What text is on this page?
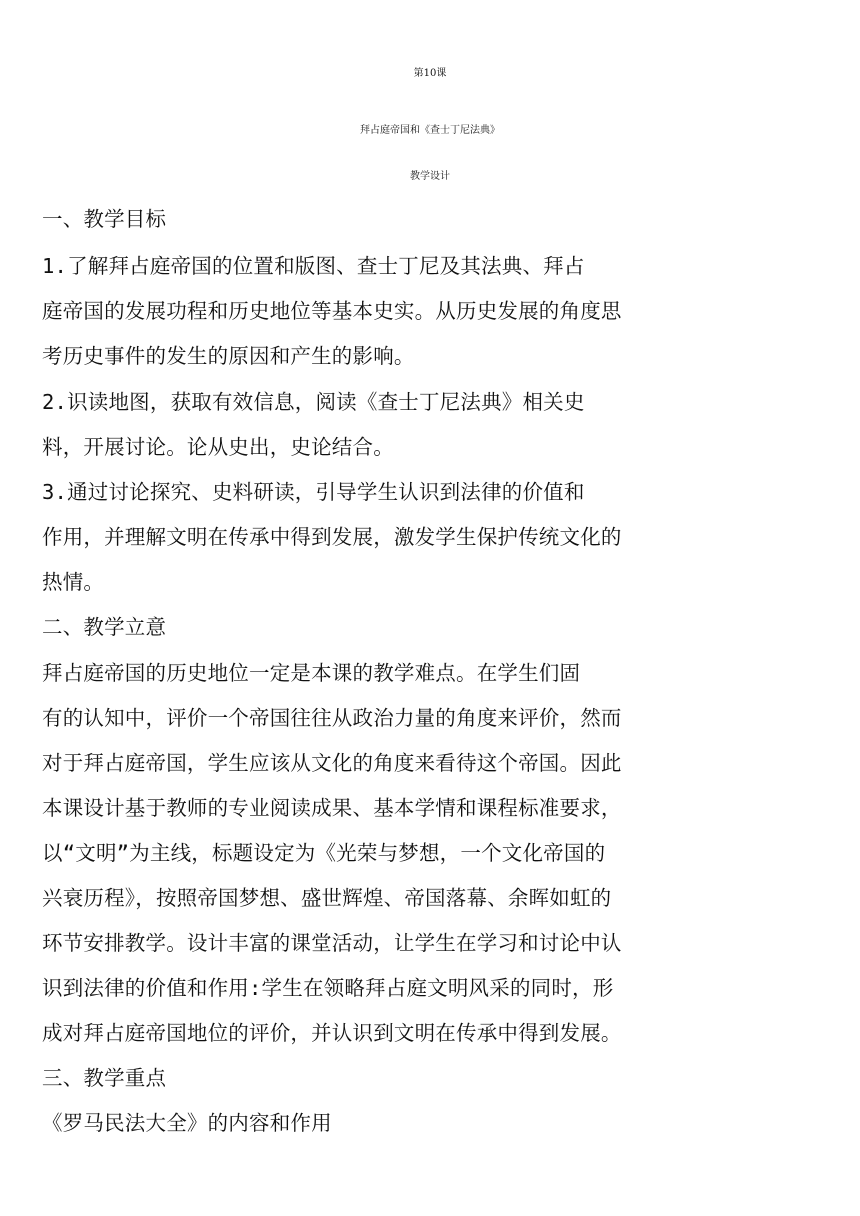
第10课
拜占庭帝国和《查士丁尼法典》
教学设计
一、教学目标
1.了解拜占庭帝国的位置和版图、查士丁尼及其法典、拜占
庭帝国的发展功程和历史地位等基本史实。从历史发展的角度思
考历史事件的发生的原因和产生的影响。
2.识读地图，获取有效信息，阅读《查士丁尼法典》相关史
料，开展讨论。论从史出，史论结合。
3.通过讨论探究、史料研读，引导学生认识到法律的价值和
作用，并理解文明在传承中得到发展，激发学生保护传统文化的
热情。
二、教学立意
拜占庭帝国的历史地位一定是本课的教学难点。在学生们固
有的认知中，评价一个帝国往往从政治力量的角度来评价，然而
对于拜占庭帝国，学生应该从文化的角度来看待这个帝国。因此
本课设计基于教师的专业阅读成果、基本学情和课程标准要求，
以“文明”为主线，标题设定为《光荣与梦想，一个文化帝国的
兴衰历程》，按照帝国梦想、盛世辉煌、帝国落幕、余晖如虹的
环节安排教学。设计丰富的课堂活动，让学生在学习和讨论中认
识到法律的价值和作用:学生在领略拜占庭文明风采的同时，形
成对拜占庭帝国地位的评价，并认识到文明在传承中得到发展。
三、教学重点
《罗马民法大全》的内容和作用
